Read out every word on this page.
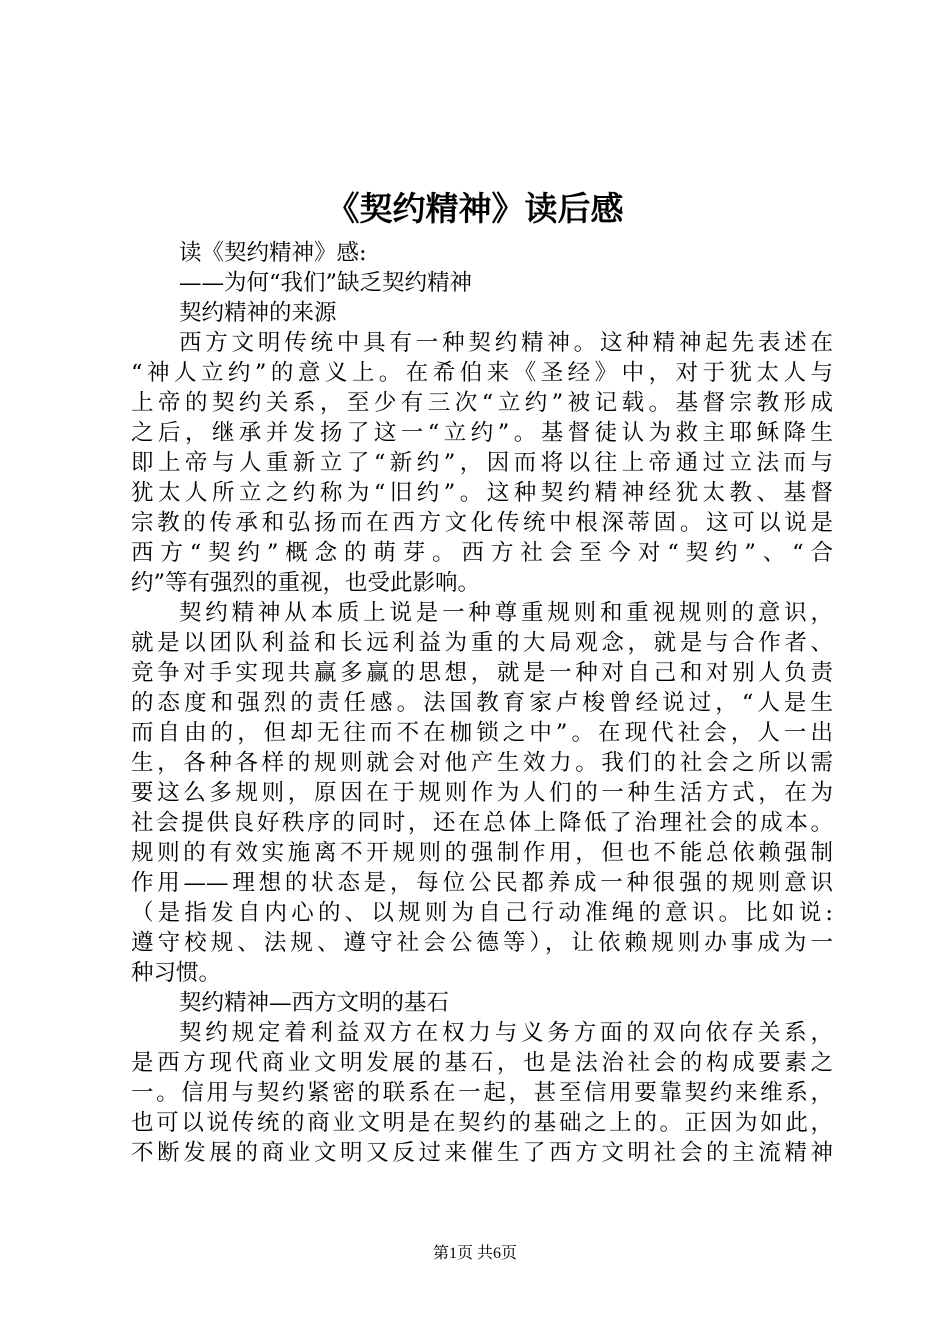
《契约精神》读后感
读《契约精神》感:
——为何“我们”缺乏契约精神
契约精神的来源
西方文明传统中具有一种契约精神。这种精神起先表述在
“神人立约”的意义上。在希伯来《圣经》中，对于犹太人与
上帝的契约关系，至少有三次“立约”被记载。基督宗教形成
之后，继承并发扬了这一“立约”。基督徒认为救主耶稣降生
即上帝与人重新立了“新约”，因而将以往上帝通过立法而与
犹太人所立之约称为“旧约”。这种契约精神经犹太教、基督
宗教的传承和弘扬而在西方文化传统中根深蒂固。这可以说是
西方“契约”概念的萌芽。西方社会至今对“契约”、“合
约”等有强烈的重视，也受此影响。
契约精神从本质上说是一种尊重规则和重视规则的意识，
就是以团队利益和长远利益为重的大局观念，就是与合作者、
竞争对手实现共赢多赢的思想，就是一种对自己和对别人负责
的态度和强烈的责任感。法国教育家卢梭曾经说过，“人是生
而自由的，但却无往而不在枷锁之中”。在现代社会，人一出
生，各种各样的规则就会对他产生效力。我们的社会之所以需
要这么多规则，原因在于规则作为人们的一种生活方式，在为
社会提供良好秩序的同时，还在总体上降低了治理社会的成本。
规则的有效实施离不开规则的强制作用，但也不能总依赖强制
作用——理想的状态是，每位公民都养成一种很强的规则意识
（是指发自内心的、以规则为自己行动准绳的意识。比如说:
遵守校规、法规、遵守社会公德等），让依赖规则办事成为一
种习惯。
契约精神—西方文明的基石
契约规定着利益双方在权力与义务方面的双向依存关系，
是西方现代商业文明发展的基石，也是法治社会的构成要素之
一。信用与契约紧密的联系在一起，甚至信用要靠契约来维系，
也可以说传统的商业文明是在契约的基础之上的。正因为如此，
不断发展的商业文明又反过来催生了西方文明社会的主流精神
第1页 共6页
